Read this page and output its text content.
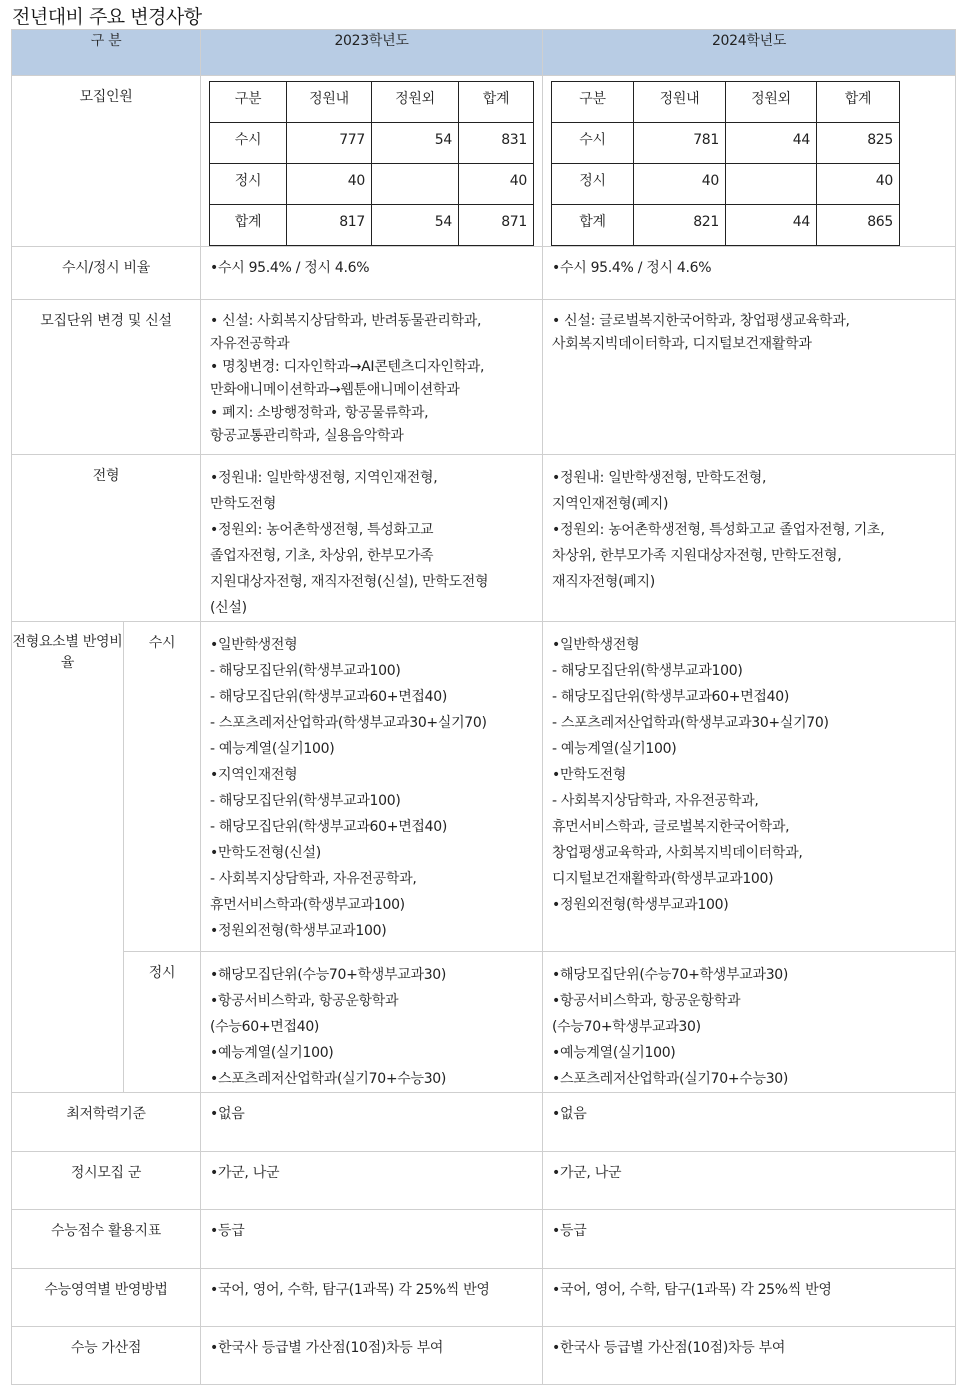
전년대비 주요 변경사항
구 분	2023학년도	2024학년도
모집인원		구분	정원내	정원외	합계
수시	777	54	831
정시	40		40
합계	817	54	871

구분	정원내	정원외	합계
수시	781	44	825
정시	40		40
합계	821	44	865

수시/정시 비율	•수시 95.4% / 정시 4.6%	•수시 95.4% / 정시 4.6%
모집단위 변경 및 신설	• 신설: 사회복지상담학과, 반려동물관리학과,
자유전공학과
• 명칭변경: 디자인학과→AI콘텐츠디자인학과,
만화애니메이션학과→웹툰애니메이션학과
• 폐지: 소방행정학과, 항공물류학과,
항공교통관리학과, 실용음악학과

• 신설: 글로벌복지한국어학과, 창업평생교육학과,
사회복지빅데이터학과, 디지털보건재활학과

전형	•정원내: 일반학생전형, 지역인재전형,
만학도전형
•정원외: 농어촌학생전형, 특성화고교
졸업자전형, 기초, 차상위, 한부모가족
지원대상자전형, 재직자전형(신설), 만학도전형
(신설)

•정원내: 일반학생전형, 만학도전형,
지역인재전형(폐지)
•정원외: 농어촌학생전형, 특성화고교 졸업자전형, 기초,
차상위, 한부모가족 지원대상자전형, 만학도전형,
재직자전형(폐지)

전형요소별 반영비율	수시	•일반학생전형
- 해당모집단위(학생부교과100)
- 해당모집단위(학생부교과60+면접40)
- 스포츠레저산업학과(학생부교과30+실기70)
- 예능계열(실기100)
•지역인재전형
- 해당모집단위(학생부교과100)
- 해당모집단위(학생부교과60+면접40)
•만학도전형(신설)
- 사회복지상담학과, 자유전공학과,
휴먼서비스학과(학생부교과100)
•정원외전형(학생부교과100)

•일반학생전형
- 해당모집단위(학생부교과100)
- 해당모집단위(학생부교과60+면접40)
- 스포츠레저산업학과(학생부교과30+실기70)
- 예능계열(실기100)
•만학도전형
- 사회복지상담학과, 자유전공학과,
휴먼서비스학과, 글로벌복지한국어학과,
창업평생교육학과, 사회복지빅데이터학과,
디지털보건재활학과(학생부교과100)
•정원외전형(학생부교과100)

정시	•해당모집단위(수능70+학생부교과30)
•항공서비스학과, 항공운항학과
(수능60+면접40)
•예능계열(실기100)
•스포츠레저산업학과(실기70+수능30)

•해당모집단위(수능70+학생부교과30)
•항공서비스학과, 항공운항학과
(수능70+학생부교과30)
•예능계열(실기100)
•스포츠레저산업학과(실기70+수능30)

최저학력기준	•없음	•없음
정시모집 군	•가군, 나군	•가군, 나군
수능점수 활용지표	•등급	•등급
수능영역별 반영방법	•국어, 영어, 수학, 탐구(1과목) 각 25%씩 반영	•국어, 영어, 수학, 탐구(1과목) 각 25%씩 반영
수능 가산점	•한국사 등급별 가산점(10점)차등 부여	•한국사 등급별 가산점(10점)차등 부여
